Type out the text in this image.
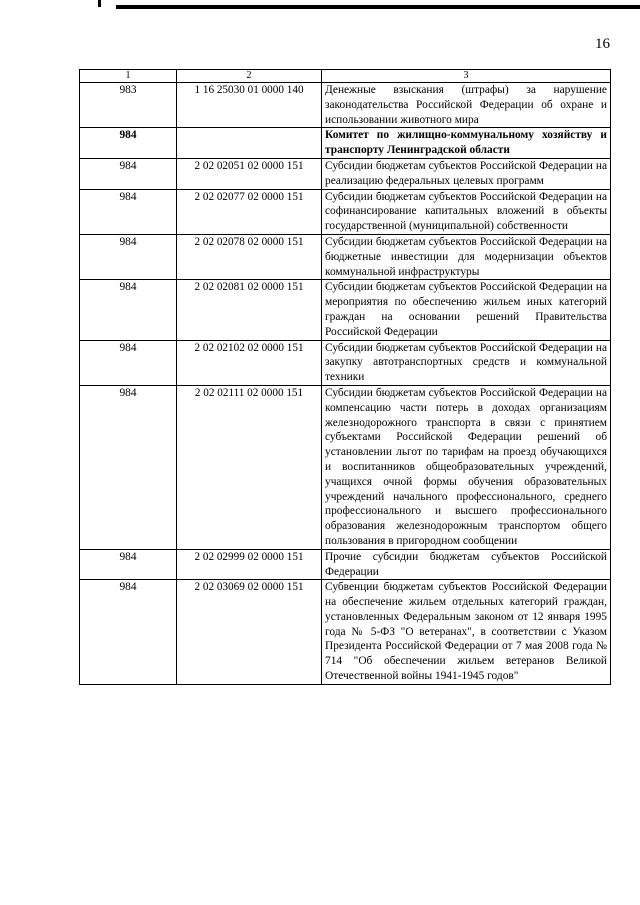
16
1	2	3
983	1 16 25030 01 0000 140	Денежные взыскания (штрафы) за нарушение законодательства Российской Федерации об охране и использовании животного мира
984		Комитет по жилищно-коммунальному хозяйству и транспорту Ленинградской области
984	2 02 02051 02 0000 151	Субсидии бюджетам субъектов Российской Федерации на реализацию федеральных целевых программ
984	2 02 02077 02 0000 151	Субсидии бюджетам субъектов Российской Федерации на софинансирование капитальных вложений в объекты государственной (муниципальной) собственности
984	2 02 02078 02 0000 151	Субсидии бюджетам субъектов Российской Федерации на бюджетные инвестиции для модернизации объектов коммунальной инфраструктуры
984	2 02 02081 02 0000 151	Субсидии бюджетам субъектов Российской Федерации на мероприятия по обеспечению жильем иных категорий граждан на основании решений Правительства Российской Федерации
984	2 02 02102 02 0000 151	Субсидии бюджетам субъектов Российской Федерации на закупку автотранспортных средств и коммунальной техники
984	2 02 02111 02 0000 151	Субсидии бюджетам субъектов Российской Федерации на компенсацию части потерь в доходах организациям железнодорожного транспорта в связи с принятием субъектами Российской Федерации решений об установлении льгот по тарифам на проезд обучающихся и воспитанников общеобразовательных учреждений, учащихся очной формы обучения образовательных учреждений начального профессионального, среднего профессионального и высшего профессионального образования железнодорожным транспортом общего пользования в пригородном сообщении
984	2 02 02999 02 0000 151	Прочие субсидии бюджетам субъектов Российской Федерации
984	2 02 03069 02 0000 151	Субвенции бюджетам субъектов Российской Федерации на обеспечение жильем отдельных категорий граждан, установленных Федеральным законом от 12 января 1995 года № 5-ФЗ "О ветеранах", в соответствии с Указом Президента Российской Федерации от 7 мая 2008 года № 714 "Об обеспечении жильем ветеранов Великой Отечественной войны 1941-1945 годов"
